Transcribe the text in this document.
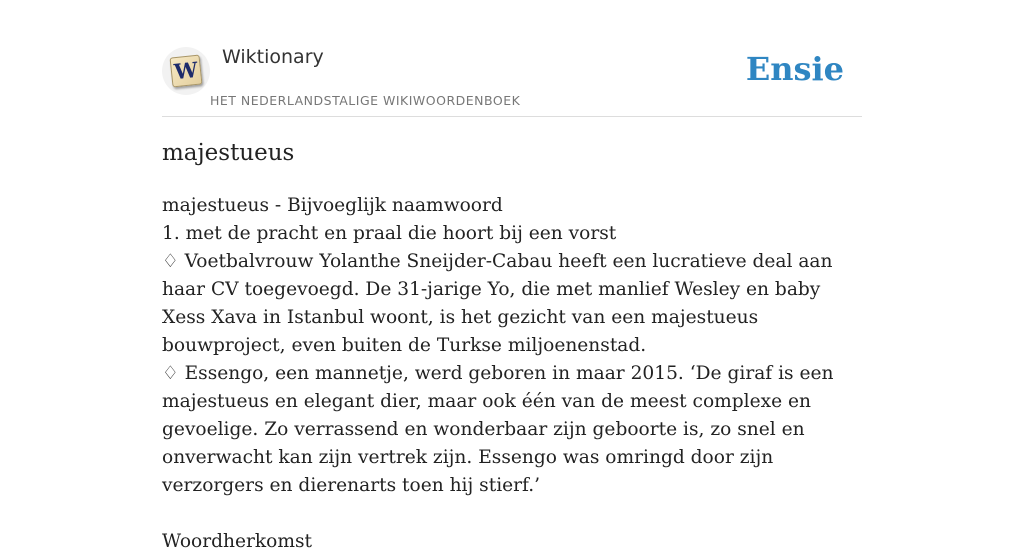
W Wiktionary
HET NEDERLANDSTALIGE WIKIWOORDENBOEK
Ensie
majestueus

majestueus - Bijvoeglijk naamwoord

1. met de pracht en praal die hoort bij een vorst

♢ Voetbalvrouw Yolanthe Sneijder-Cabau heeft een lucratieve deal aan haar CV toegevoegd. De 31-jarige Yo, die met manlief Wesley en baby Xess Xava in Istanbul woont, is het gezicht van een majestueus bouwproject, even buiten de Turkse miljoenenstad.

♢ Essengo, een mannetje, werd geboren in maar 2015. ‘De giraf is een majestueus en elegant dier, maar ook één van de meest complexe en gevoelige. Zo verrassend en wonderbaar zijn geboorte is, zo snel en onverwacht kan zijn vertrek zijn. Essengo was omringd door zijn verzorgers en dierenarts toen hij stierf.’

Woordherkomst
